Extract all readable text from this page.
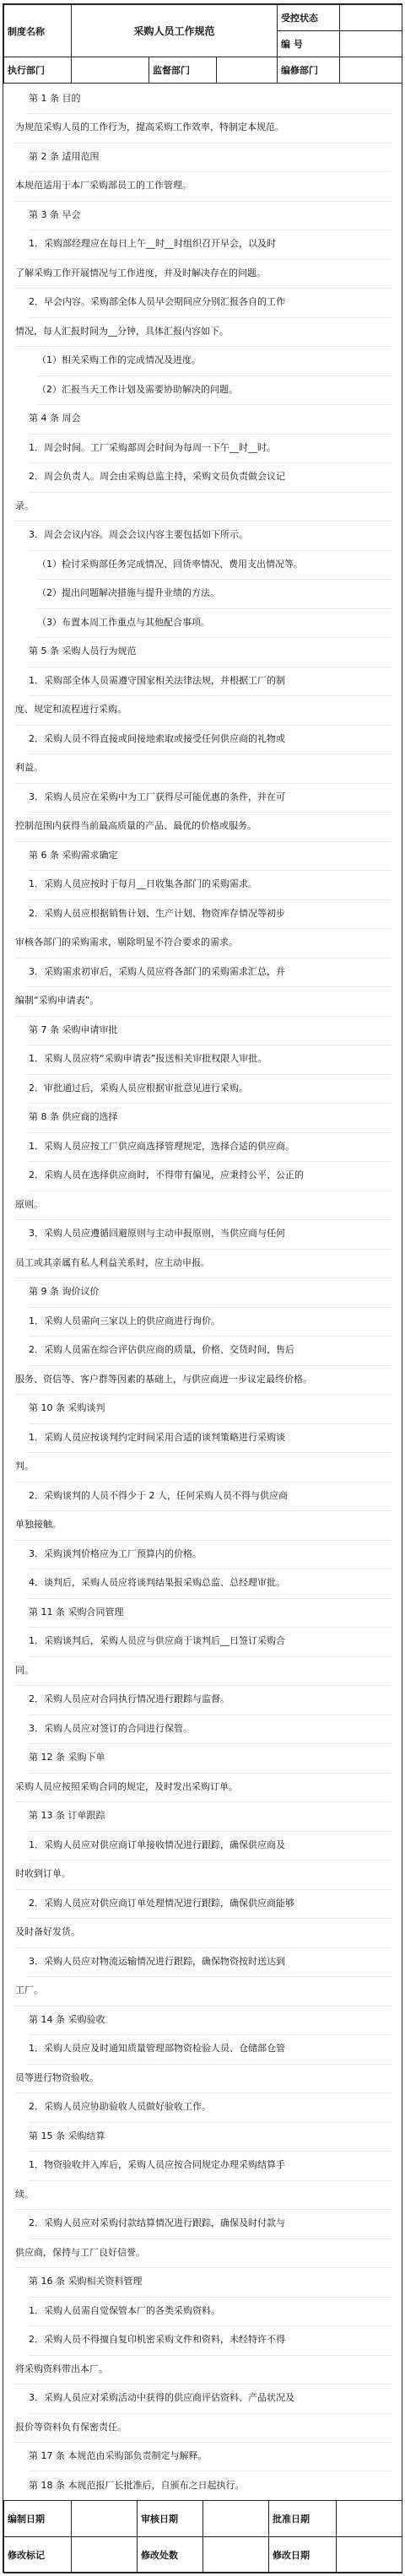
制度名称	采购人员工作规范			受控状态	
				编 号	
执行部门		监督部门		编修部门	
第 1 条 目的
为规范采购人员的工作行为，提高采购工作效率，特制定本规范。
第 2 条 适用范围
本规范适用于本厂采购部员工的工作管理。
第 3 条 早会
1．采购部经理应在每日上午__时__时组织召开早会，以及时
了解采购工作开展情况与工作进度，并及时解决存在的问题。
2．早会内容。采购部全体人员早会期间应分别汇报各自的工作
情况，每人汇报时间为__分钟，具体汇报内容如下。
（1）相关采购工作的完成情况及进度。
（2）汇报当天工作计划及需要协助解决的问题。
第 4 条 周会
1．周会时间。工厂采购部周会时间为每周一下午__时__时。
2．周会负责人。周会由采购总监主持，采购文员负责做会议记
录。
3．周会会议内容。周会会议内容主要包括如下所示。
（1）检讨采购部任务完成情况、回货率情况、费用支出情况等。
（2）提出问题解决措施与提升业绩的方法。
（3）布置本周工作重点与其他配合事项。
第 5 条 采购人员行为规范
1．采购部全体人员需遵守国家相关法律法规，并根据工厂的制
度、规定和流程进行采购。
2．采购人员不得直接或间接地索取或接受任何供应商的礼物或
利益。
3．采购人员应在采购中为工厂获得尽可能优惠的条件，并在可
控制范围内获得当前最高质量的产品、最优的价格或服务。
第 6 条 采购需求确定
1．采购人员应按时于每月__日收集各部门的采购需求。
2．采购人员应根据销售计划、生产计划、物资库存情况等初步
审核各部门的采购需求，剔除明显不符合要求的需求。
3．采购需求初审后，采购人员应将各部门的采购需求汇总，并
编制“采购申请表”。
第 7 条 采购申请审批
1．采购人员应将“采购申请表”报送相关审批权限人审批。
2．审批通过后，采购人员应根据审批意见进行采购。
第 8 条 供应商的选择
1．采购人员应按工厂供应商选择管理规定，选择合适的供应商。
2．采购人员在选择供应商时，不得带有偏见，应秉持公平、公正的
原则。
3．采购人员应遵循回避原则与主动申报原则，当供应商与任何
员工或其亲属有私人利益关系时，应主动申报。
第 9 条 询价议价
1．采购人员需向三家以上的供应商进行询价。
2．采购人员需在综合评估供应商的质量、价格、交货时间，售后
服务、资信等、客户群等因素的基础上，与供应商进一步议定最终价格。
第 10 条 采购谈判
1．采购人员应按谈判约定时间采用合适的谈判策略进行采购谈
判。
2．采购谈判的人员不得少于 2 人，任何采购人员不得与供应商
单独接触。
3．采购谈判价格应为工厂预算内的价格。
4．谈判后，采购人员应将谈判结果报采购总监、总经理审批。
第 11 条 采购合同管理
1．采购谈判后，采购人员应与供应商于谈判后__日签订采购合
同。
2．采购人员应对合同执行情况进行跟踪与监督。
3．采购人员应对签订的合同进行保管。
第 12 条 采购下单
采购人员应按照采购合同的规定，及时发出采购订单。
第 13 条 订单跟踪
1．采购人员应对供应商订单接收情况进行跟踪，确保供应商及
时收到订单。
2．采购人员应对供应商订单处理情况进行跟踪，确保供应商能够
及时备好发货。
3．采购人员应对物流运输情况进行跟踪，确保物资按时送达到
工厂。
第 14 条 采购验收
1．采购人员应及时通知质量管理部物资检验人员、仓储部仓管
员等进行物资验收。
2．采购人员应协助验收人员做好验收工作。
第 15 条 采购结算
1．物资验收并入库后，采购人员应按合同规定办理采购结算手
续。
2．采购人员应对采购付款结算情况进行跟踪，确保及时付款与
供应商，保持与工厂良好信誉。
第 16 条 采购相关资料管理
1．采购人员需自觉保管本厂的各类采购资料。
2．采购人员不得擅自复印机密采购文件和资料，未经特许不得
将采购资料带出本厂。
3．采购人员应对采购活动中获得的供应商评估资料、产品状况及
报价等资料负有保密责任。
第 17 条 本规范由采购部负责制定与解释。
第 18 条 本规范报厂长批准后，自颁布之日起执行。
编制日期		审核日期		批准日期	
修改标记		修改处数		修改日期	
